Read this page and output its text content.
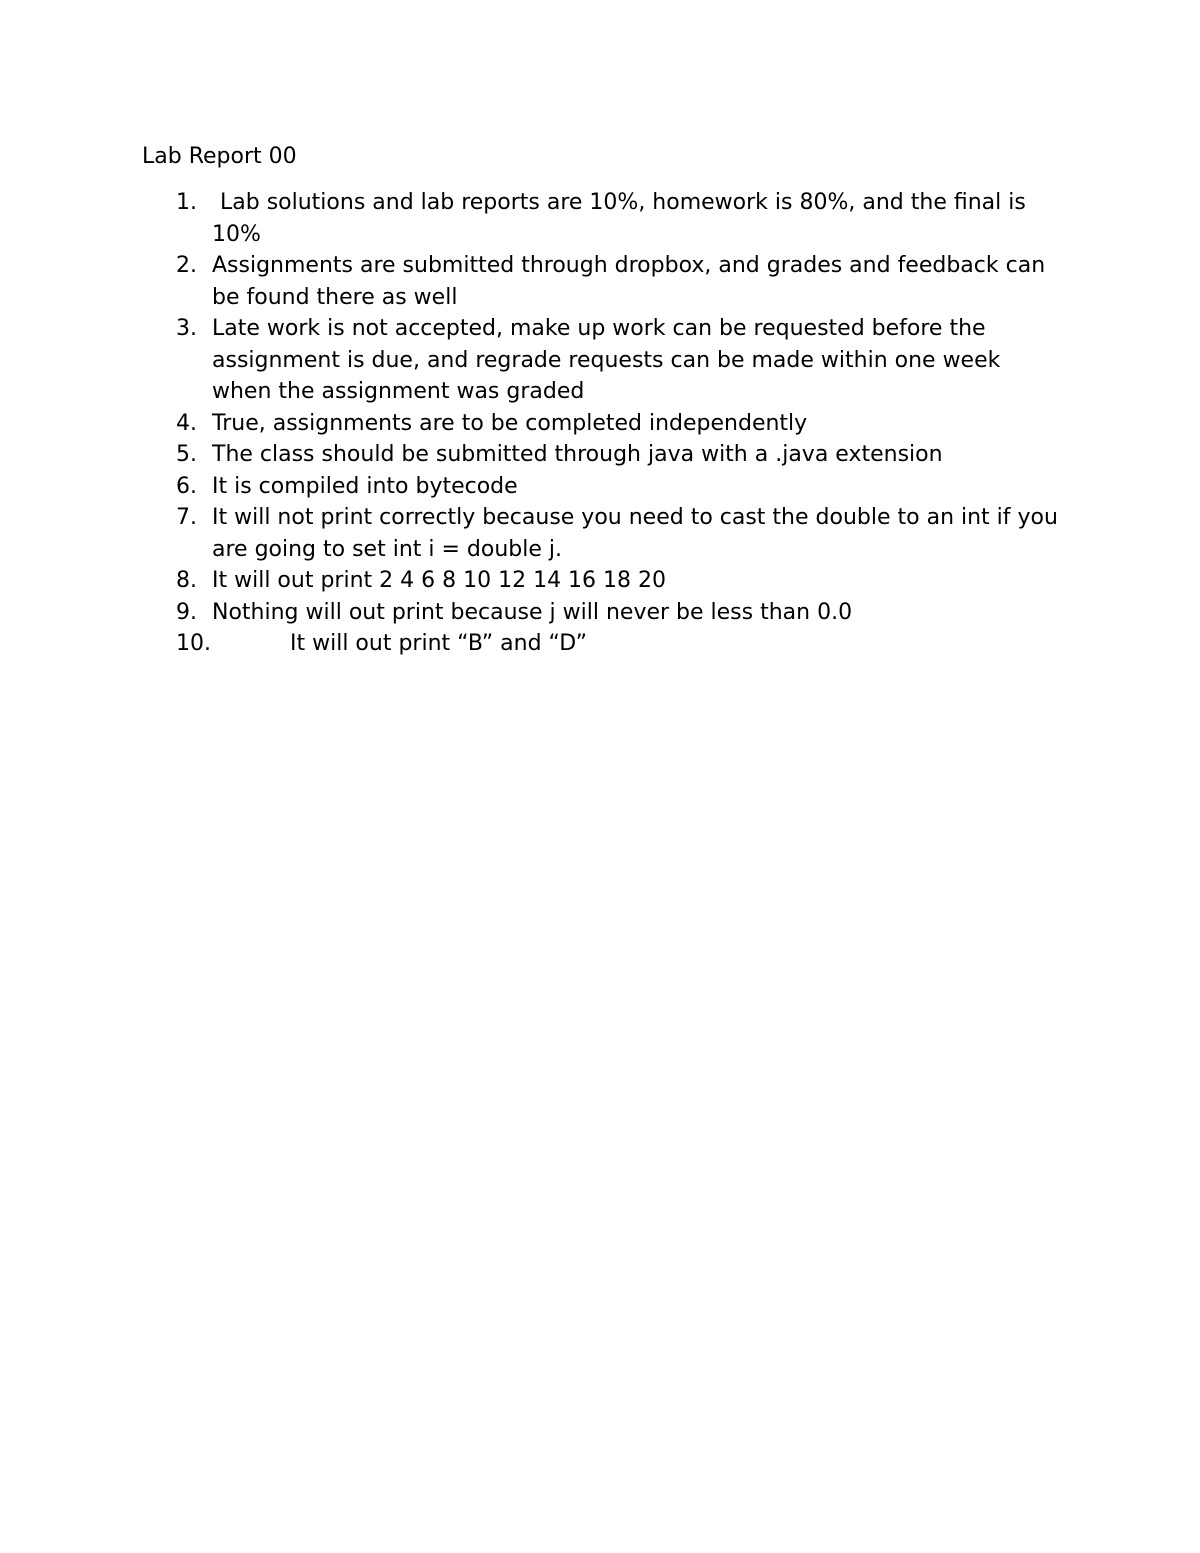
Lab Report 00
1.	Lab solutions and lab reports are 10%, homework is 80%, and the final is 10%
2. Assignments are submitted through dropbox, and grades and feedback can be found there as well
3. Late work is not accepted, make up work can be requested before the assignment is due, and regrade requests can be made within one week when the assignment was graded
4. True, assignments are to be completed independently
5. The class should be submitted through java with a .java extension
6. It is compiled into bytecode
7. It will not print correctly because you need to cast the double to an int if you are going to set int i = double j.
8. It will out print 2 4 6 8 10 12 14 16 18 20
9. Nothing will out print because j will never be less than 0.0
10.	It will out print “B” and “D”
